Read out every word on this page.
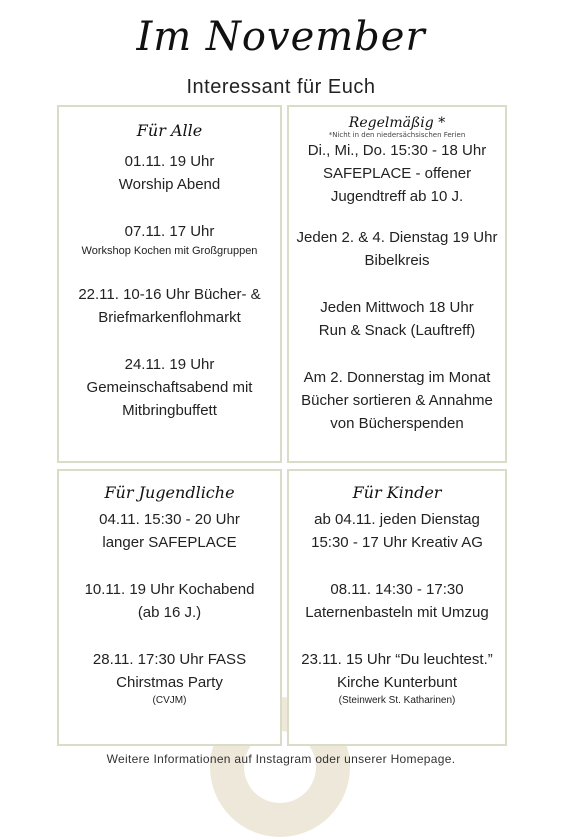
Im November
Interessant für Euch

Für Alle

01.11. 19 Uhr

Worship Abend

07.11. 17 Uhr

Workshop Kochen mit Großgruppen

22.11. 10-16 Uhr Bücher- &

Briefmarkenflohmarkt

24.11. 19 Uhr

Gemeinschaftsabend mit

Mitbringbuffett

Regelmäßig *

*Nicht in den niedersächsischen Ferien

Di., Mi., Do. 15:30 - 18 Uhr

SAFEPLACE - offener

Jugendtreff ab 10 J.

Jeden 2. & 4. Dienstag 19 Uhr

Bibelkreis

Jeden Mittwoch 18 Uhr

Run & Snack (Lauftreff)

Am 2. Donnerstag im Monat

Bücher sortieren & Annahme

von Bücherspenden

Für Jugendliche

04.11. 15:30 - 20 Uhr

langer SAFEPLACE

10.11. 19 Uhr Kochabend

(ab 16 J.)

28.11. 17:30 Uhr FASS

Chirstmas Party

(CVJM)

Für Kinder

ab 04.11. jeden Dienstag

15:30 - 17 Uhr Kreativ AG

08.11. 14:30 - 17:30

Laternenbasteln mit Umzug

23.11. 15 Uhr “Du leuchtest.”

Kirche Kunterbunt

(Steinwerk St. Katharinen)

Weitere Informationen auf Instagram oder unserer Homepage.
